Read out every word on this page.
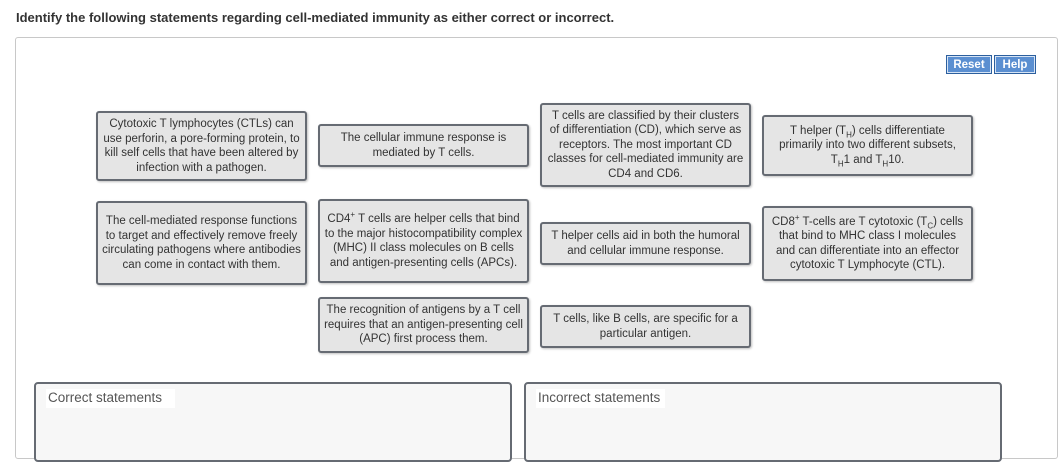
Identify the following statements regarding cell-mediated immunity as either correct or incorrect.
Reset	Help
Cytotoxic T lymphocytes (CTLs) can use perforin, a pore-forming protein, to kill self cells that have been altered by infection with a pathogen.
The cellular immune response is mediated by T cells.
T cells are classified by their clusters of differentiation (CD), which serve as receptors. The most important CD classes for cell-mediated immunity are CD4 and CD6.
T helper $(T_H)$ cells differentiate primarily into two different subsets, $T_H1$ and $T_H10$.
The cell-mediated response functions to target and effectively remove freely circulating pathogens where antibodies can come in contact with them.
CD4+ T cells are helper cells that bind to the major histocompatibility complex (MHC) II class molecules on B cells and antigen-presenting cells (APCs).
T helper cells aid in both the humoral and cellular immune response.
CD8+ T-cells are T cytotoxic $(T_C)$ cells that bind to MHC class I molecules and can differentiate into an effector cytotoxic T Lymphocyte (CTL).
The recognition of antigens by a T cell requires that an antigen-presenting cell (APC) first process them.
T cells, like B cells, are specific for a particular antigen.
Correct statements	Incorrect statements
